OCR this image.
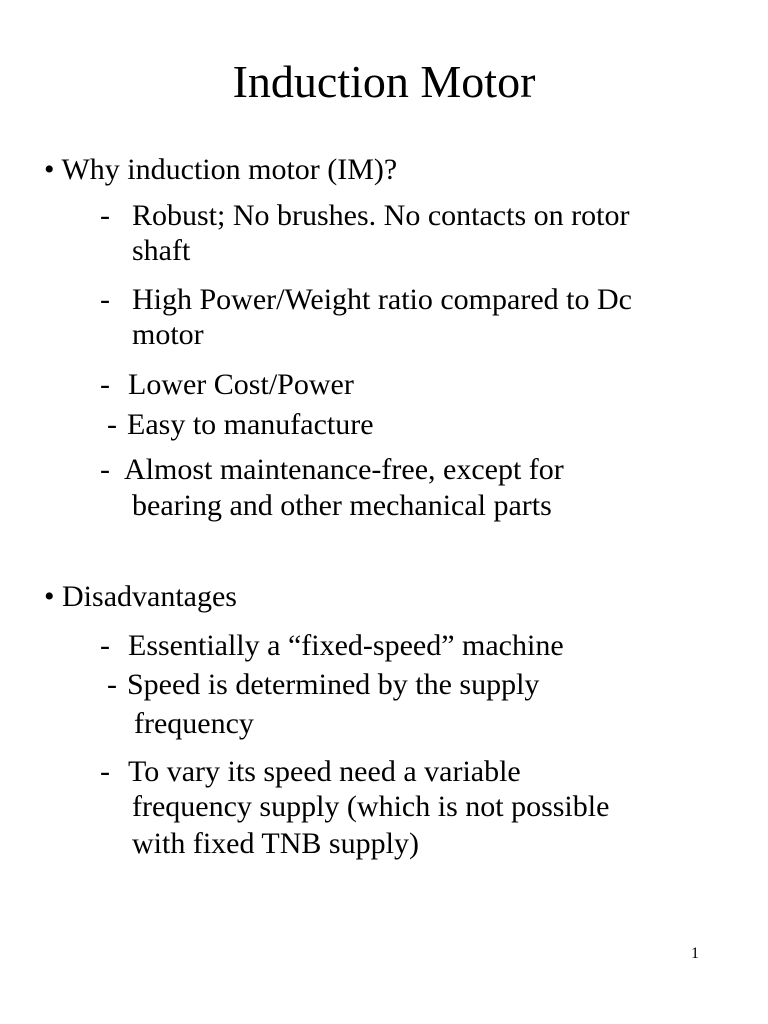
Induction Motor
• Why induction motor (IM)?
- Robust; No brushes. No contacts on rotor
shaft
- High Power/Weight ratio compared to Dc
motor
- Lower Cost/Power
- Easy to manufacture
- Almost maintenance-free, except for
bearing and other mechanical parts
• Disadvantages
- Essentially a “fixed-speed” machine
- Speed is determined by the supply
frequency
- To vary its speed need a variable
frequency supply (which is not possible
with fixed TNB supply)
1
